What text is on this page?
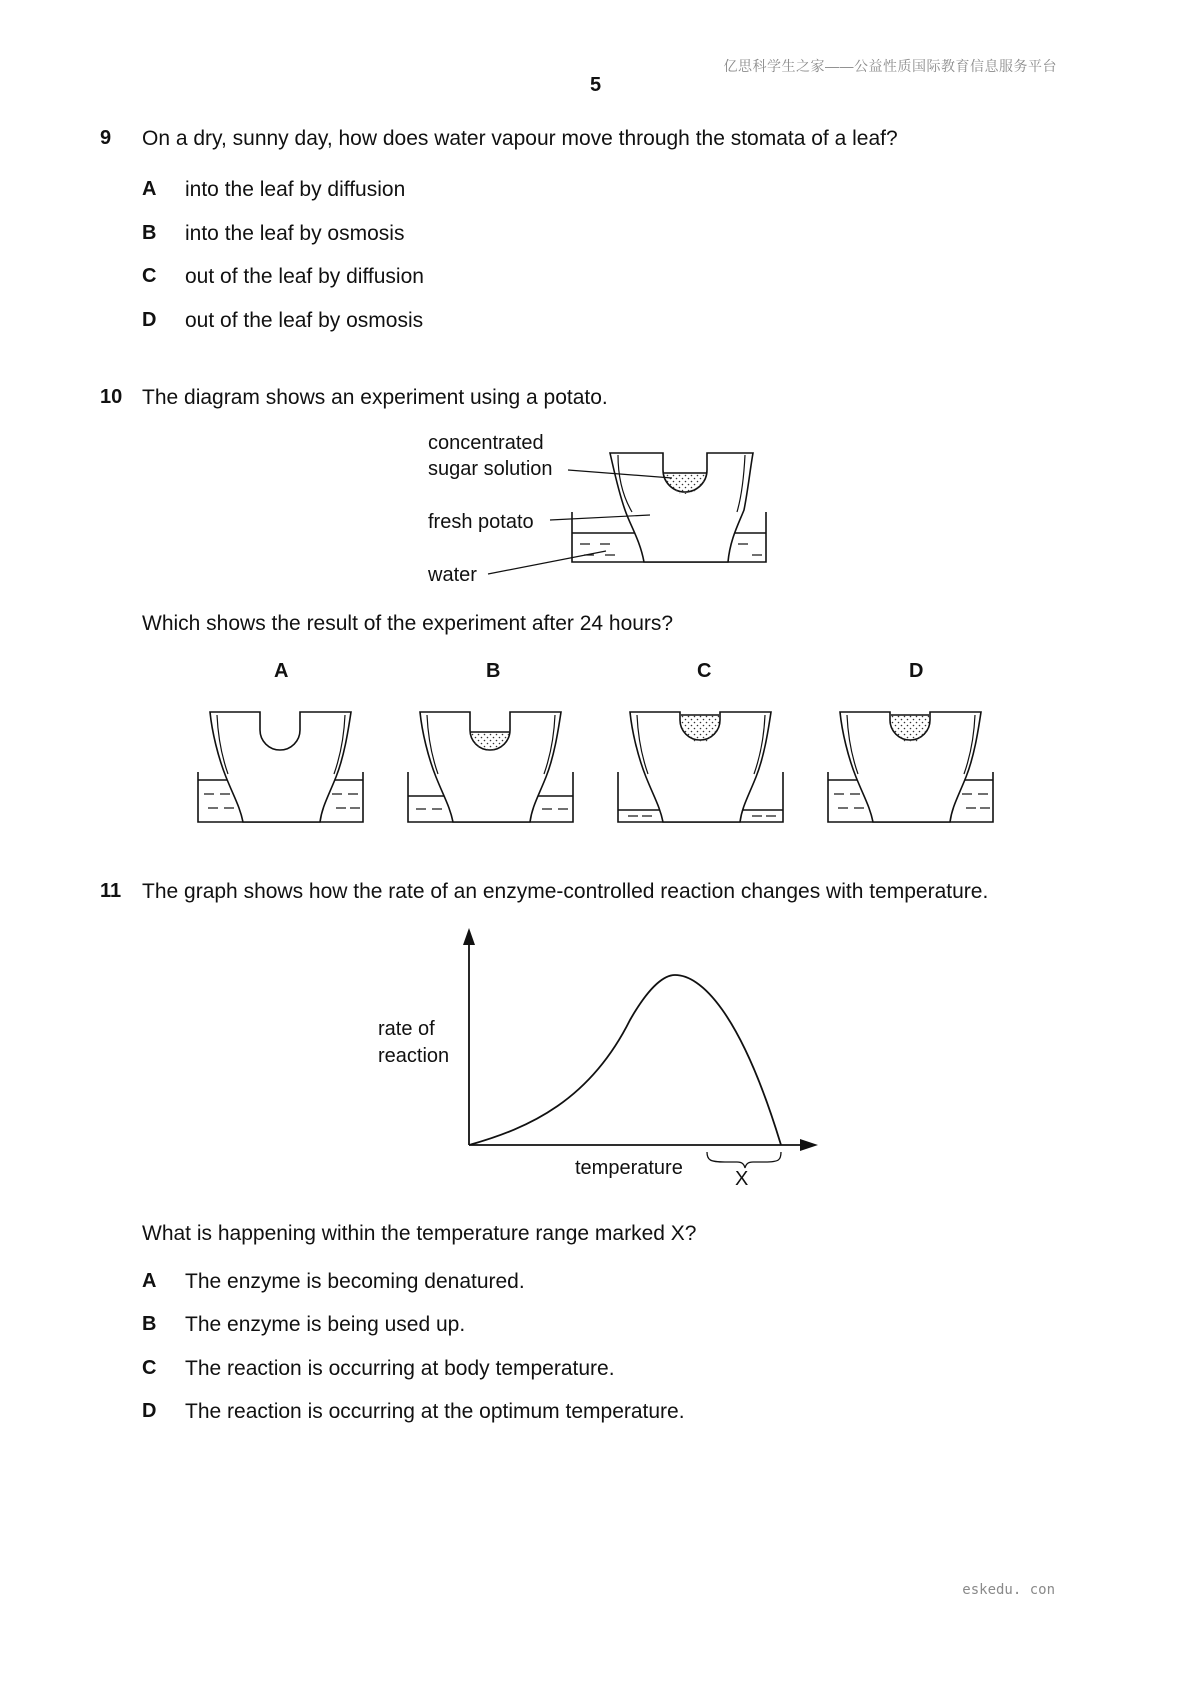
亿思科学生之家——公益性质国际教育信息服务平台
5
9 On a dry, sunny day, how does water vapour move through the stomata of a leaf?
A into the leaf by diffusion
B into the leaf by osmosis
C out of the leaf by diffusion
D out of the leaf by osmosis
10 The diagram shows an experiment using a potato.
concentrated
sugar solution
fresh potato
water
A	B	C	D
Which shows the result of the experiment after 24 hours?
11 The graph shows how the rate of an enzyme-controlled reaction changes with temperature.
rate of
reaction
temperature	X
What is happening within the temperature range marked X?
A The enzyme is becoming denatured.
B The enzyme is being used up.
C The reaction is occurring at body temperature.
D The reaction is occurring at the optimum temperature.
eskedu. con
